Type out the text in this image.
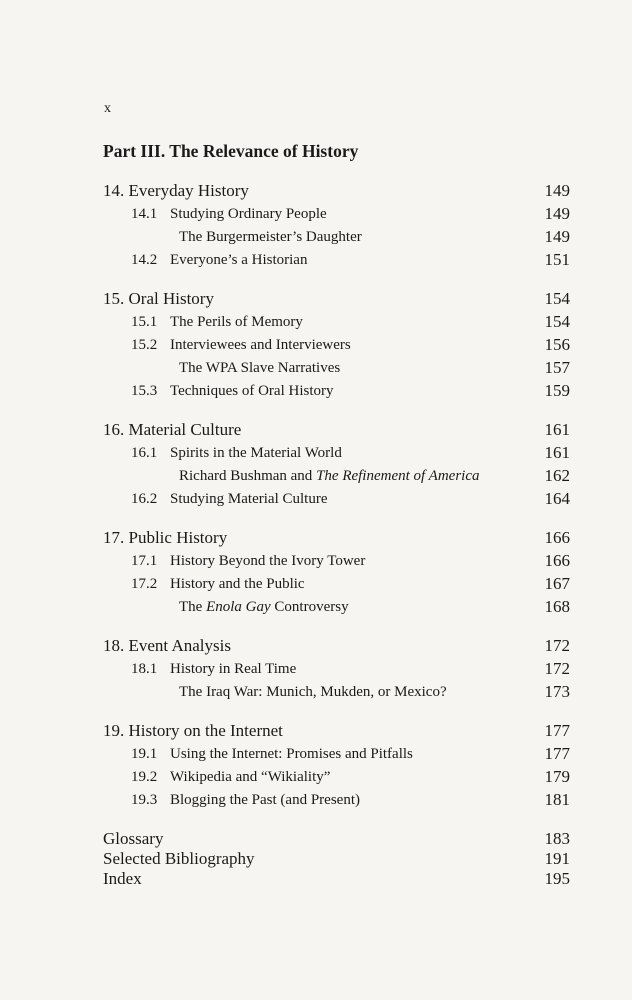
x
Part III. The Relevance of History
14. Everyday History	149
14.1 Studying Ordinary People	149
The Burgermeister’s Daughter	149
14.2 Everyone’s a Historian	151
15. Oral History	154
15.1 The Perils of Memory	154
15.2 Interviewees and Interviewers	156
The WPA Slave Narratives	157
15.3 Techniques of Oral History	159
16. Material Culture	161
16.1 Spirits in the Material World	161
Richard Bushman and The Refinement of America	162
16.2 Studying Material Culture	164
17. Public History	166
17.1 History Beyond the Ivory Tower	166
17.2 History and the Public	167
The Enola Gay Controversy	168
18. Event Analysis	172
18.1 History in Real Time	172
The Iraq War: Munich, Mukden, or Mexico?	173
19. History on the Internet	177
19.1 Using the Internet: Promises and Pitfalls	177
19.2 Wikipedia and “Wikiality”	179
19.3 Blogging the Past (and Present)	181
Glossary	183
Selected Bibliography	191
Index	195
